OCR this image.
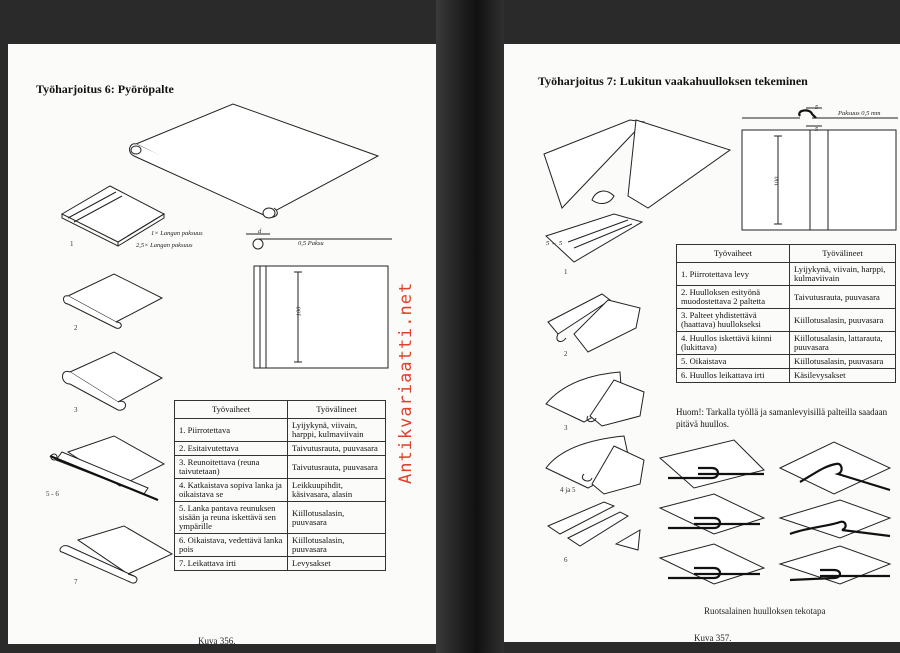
Työharjoitus 6: Pyöröpalte
1× Langan paksuus
2,5× Langan paksuus
1
d
0,5 Paksu
100
2
3
5 - 6
7
Työvaiheet	Työvälineet
1. Piirrotettava	Lyijykynä, viivain, harppi, kulmaviivain
2. Esitaivutettava	Taivutusrauta, puuvasara
3. Reunoitettava (reuna taivutetaan)	Taivutusrauta, puuvasara
4. Katkaistava sopiva lanka ja oikaistava se	Leikkuupihdit, käsivasara, alasin
5. Lanka pantava reunuksen sisään ja reuna iskettävä sen ympärille	Kiillotusalasin, puuvasara
6. Oikaistava, vedettävä lanka pois	Kiillotusalasin, puuvasara
7. Leikattava irti	Levysakset
Antikvariaatti.net
Kuva 356.
Työharjoitus 7: Lukitun vaakahuulloksen tekeminen
5
5
Paksuus 0,5 mm
100
5 ← 5
1
2
3
4 ja 5
6
Työvaiheet	Työvälineet
1. Piirrotettava levy	Lyijykynä, viivain, harppi, kulmaviivain
2. Huulloksen esityönä muodostettava 2 paltetta	Taivutusrauta, puuvasara
3. Palteet yhdistettävä (haattava) huullokseksi	Kiillotusalasin, puuvasara
4. Huullos iskettävä kiinni (lukittava)	Kiillotusalasin, lattarauta, puuvasara
5. Oikaistava	Kiillotusalasin, puuvasara
6. Huullos leikattava irti	Käsilevysakset
Huom!: Tarkalla työllä ja samanlevyisillä palteilla saadaan pitävä huullos.
Ruotsalainen huulloksen tekotapa
Kuva 357.
